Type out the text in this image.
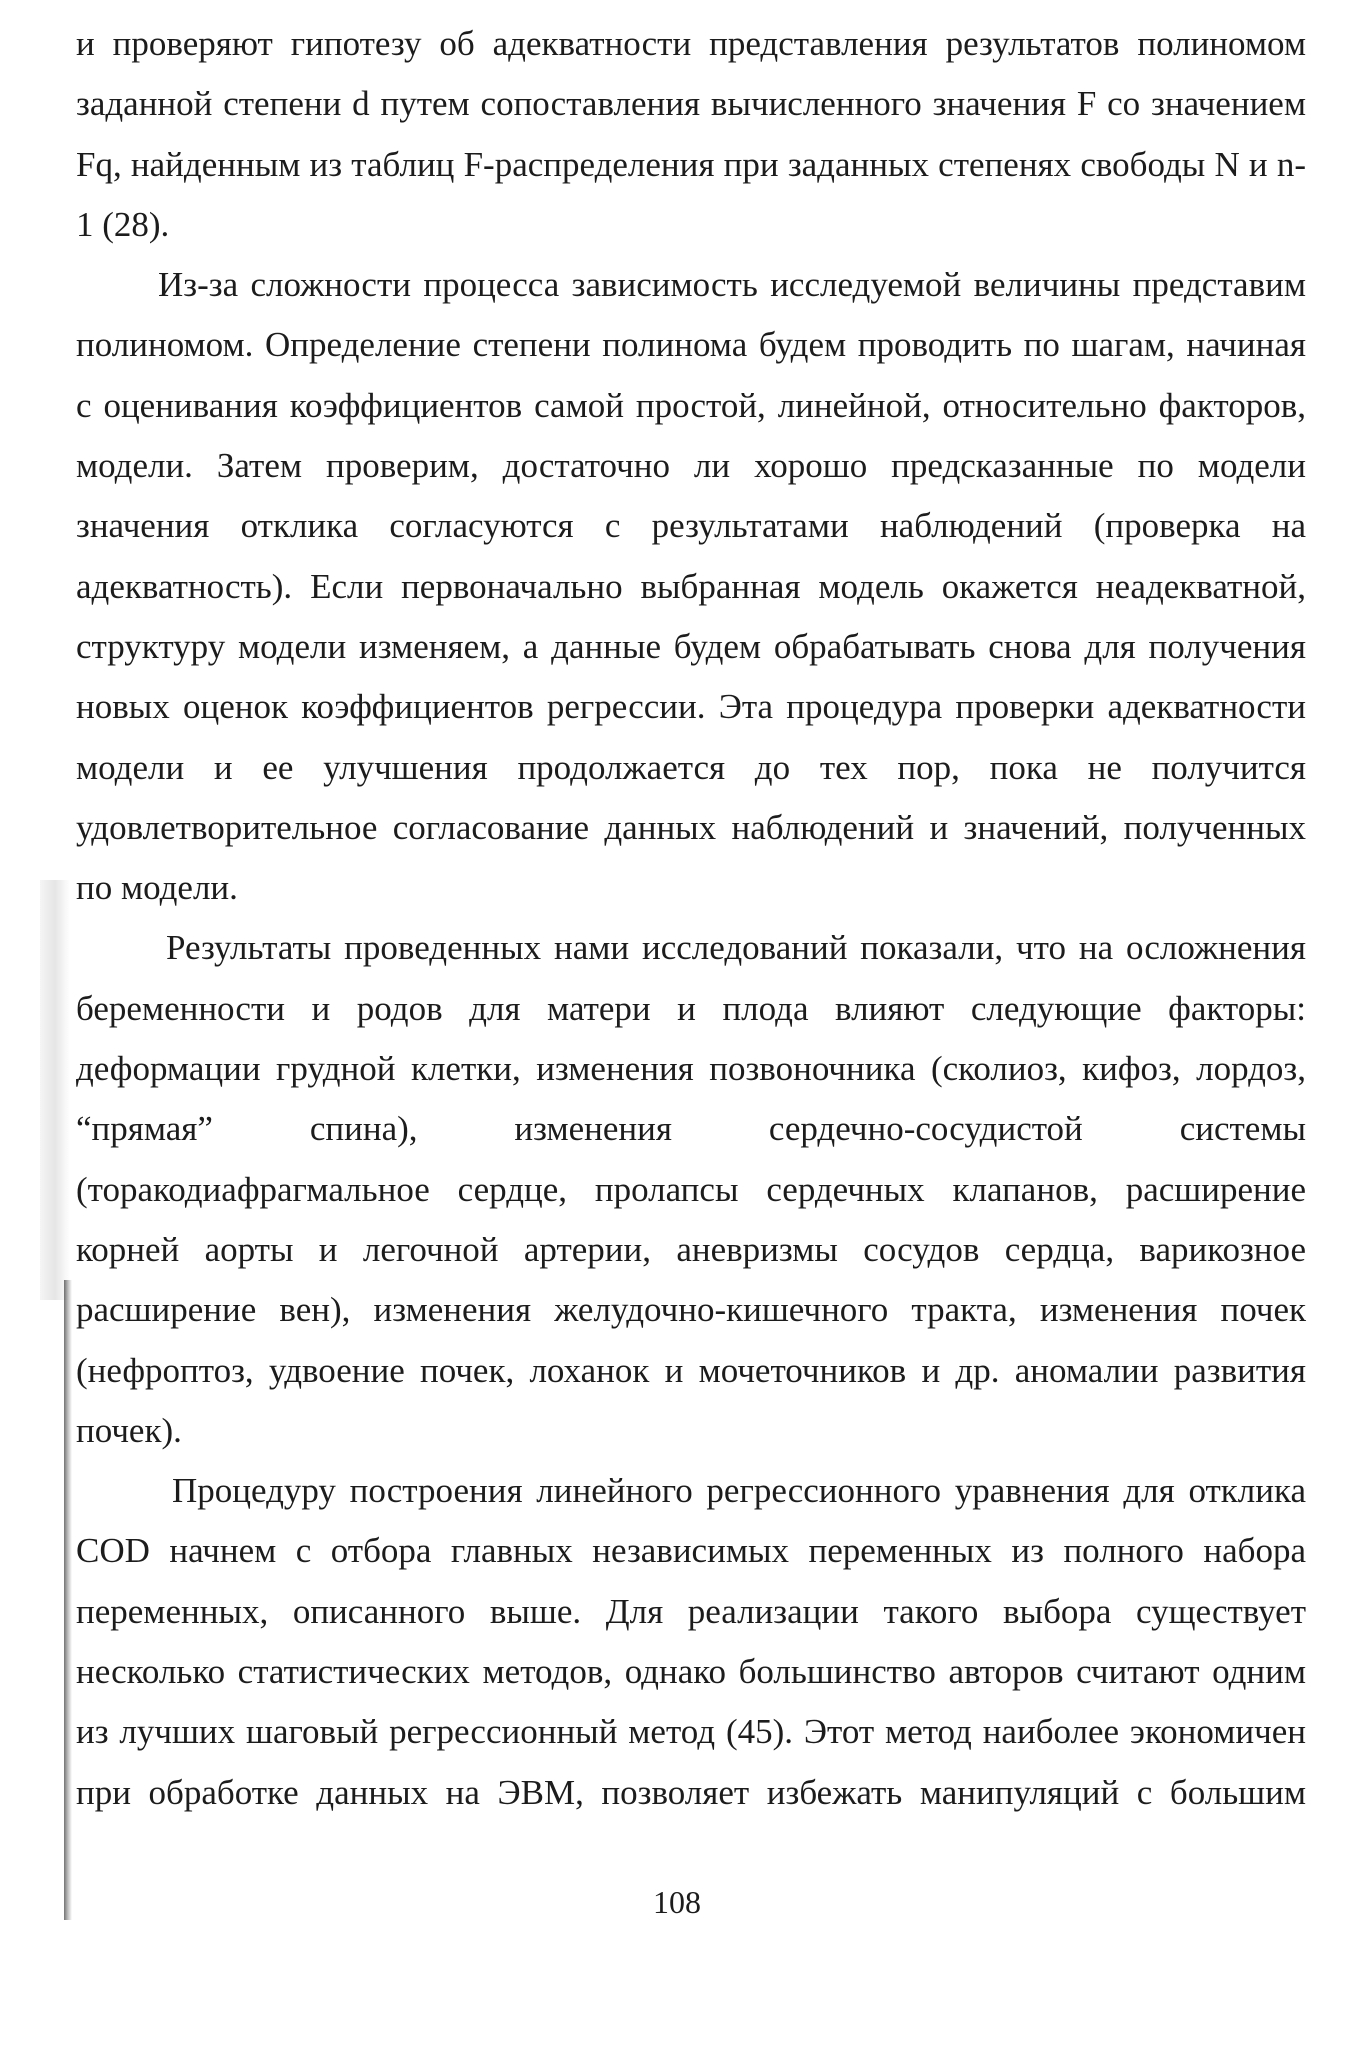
и проверяют гипотезу об адекватности представления результатов полиномом
заданной степени d путем сопоставления вычисленного значения F со значением
Fq, найденным из таблиц F-распределения при заданных степенях свободы N и n-
1 (28).
Из-за сложности процесса зависимость исследуемой величины представим
полиномом. Определение степени полинома будем проводить по шагам, начиная
с оценивания коэффициентов самой простой, линейной, относительно факторов,
модели. Затем проверим, достаточно ли хорошо предсказанные по модели
значения отклика согласуются с результатами наблюдений (проверка на
адекватность). Если первоначально выбранная модель окажется неадекватной,
структуру модели изменяем, а данные будем обрабатывать снова для получения
новых оценок коэффициентов регрессии. Эта процедура проверки адекватности
модели и ее улучшения продолжается до тех пор, пока не получится
удовлетворительное согласование данных наблюдений и значений, полученных
по модели.
Результаты проведенных нами исследований показали, что на осложнения
беременности и родов для матери и плода влияют следующие факторы:
деформации грудной клетки, изменения позвоночника (сколиоз, кифоз, лордоз,
“прямая” спина), изменения сердечно-сосудистой системы
(торакодиафрагмальное сердце, пролапсы сердечных клапанов, расширение
корней аорты и легочной артерии, аневризмы сосудов сердца, варикозное
расширение вен), изменения желудочно-кишечного тракта, изменения почек
(нефроптоз, удвоение почек, лоханок и мочеточников и др. аномалии развития
почек).
Процедуру построения линейного регрессионного уравнения для отклика
COD начнем с отбора главных независимых переменных из полного набора
переменных, описанного выше. Для реализации такого выбора существует
несколько статистических методов, однако большинство авторов считают одним
из лучших шаговый регрессионный метод (45). Этот метод наиболее экономичен
при обработке данных на ЭВМ, позволяет избежать манипуляций с большим
108
